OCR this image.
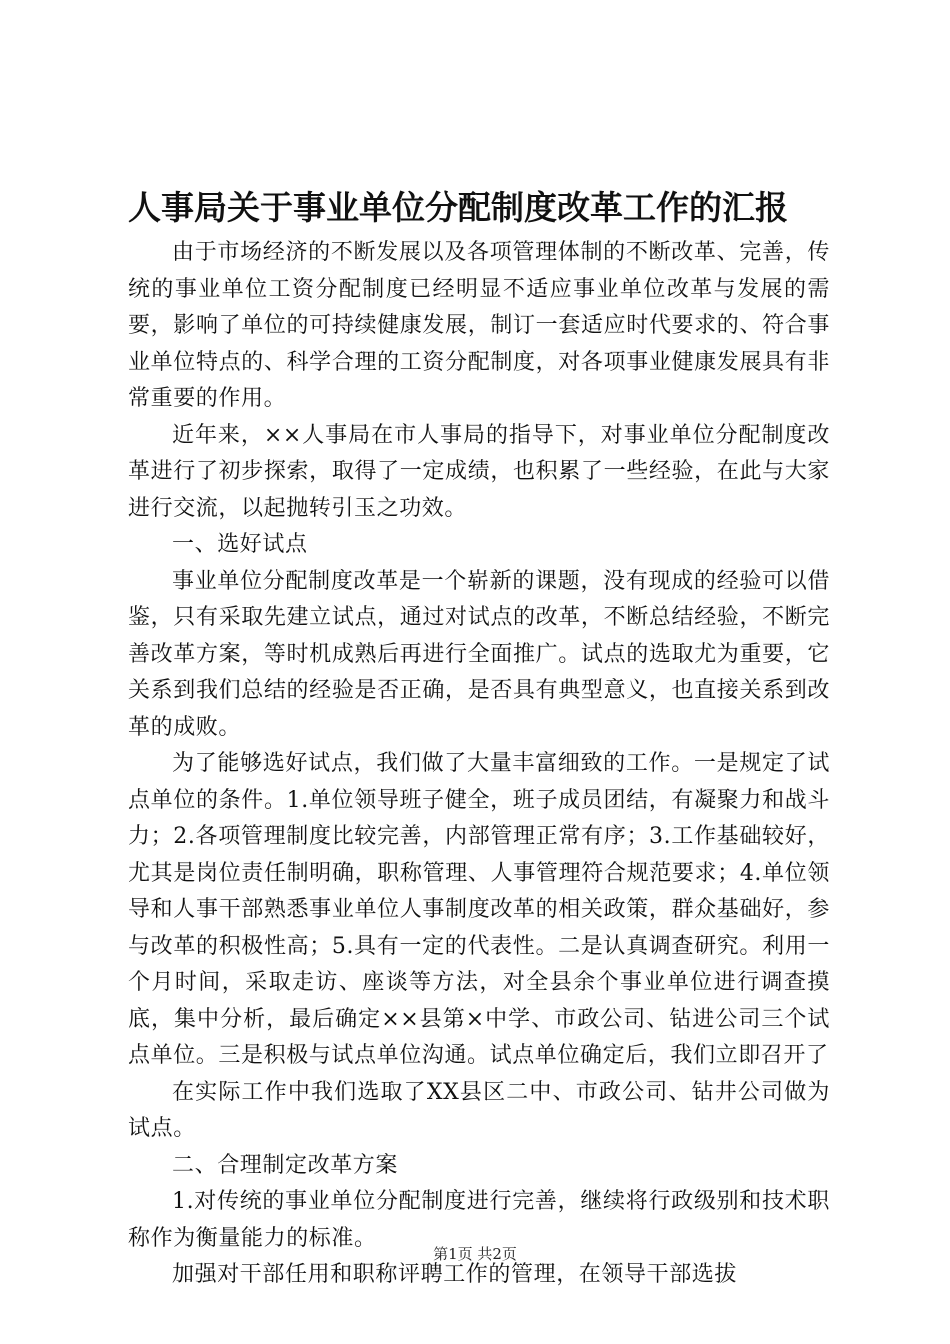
人事局关于事业单位分配制度改革工作的汇报

由于市场经济的不断发展以及各项管理体制的不断改革、完善，传统的事业单位工资分配制度已经明显不适应事业单位改革与发展的需要，影响了单位的可持续健康发展，制订一套适应时代要求的、符合事业单位特点的、科学合理的工资分配制度，对各项事业健康发展具有非常重要的作用。

近年来，××人事局在市人事局的指导下，对事业单位分配制度改革进行了初步探索，取得了一定成绩，也积累了一些经验，在此与大家进行交流，以起抛转引玉之功效。

一、选好试点

事业单位分配制度改革是一个崭新的课题，没有现成的经验可以借鉴，只有采取先建立试点，通过对试点的改革，不断总结经验，不断完善改革方案，等时机成熟后再进行全面推广。试点的选取尤为重要，它关系到我们总结的经验是否正确，是否具有典型意义，也直接关系到改革的成败。

为了能够选好试点，我们做了大量丰富细致的工作。一是规定了试点单位的条件。1.单位领导班子健全，班子成员团结，有凝聚力和战斗力；2.各项管理制度比较完善，内部管理正常有序；3.工作基础较好，尤其是岗位责任制明确，职称管理、人事管理符合规范要求；4.单位领导和人事干部熟悉事业单位人事制度改革的相关政策，群众基础好，参与改革的积极性高；5.具有一定的代表性。二是认真调查研究。利用一个月时间，采取走访、座谈等方法，对全县余个事业单位进行调查摸底，集中分析，最后确定××县第×中学、市政公司、钻进公司三个试点单位。三是积极与试点单位沟通。试点单位确定后，我们立即召开了

在实际工作中我们选取了XX县区二中、市政公司、钻井公司做为试点。

二、合理制定改革方案

1.对传统的事业单位分配制度进行完善，继续将行政级别和技术职称作为衡量能力的标准。

加强对干部任用和职称评聘工作的管理，在领导干部选拔

第1页 共2页
